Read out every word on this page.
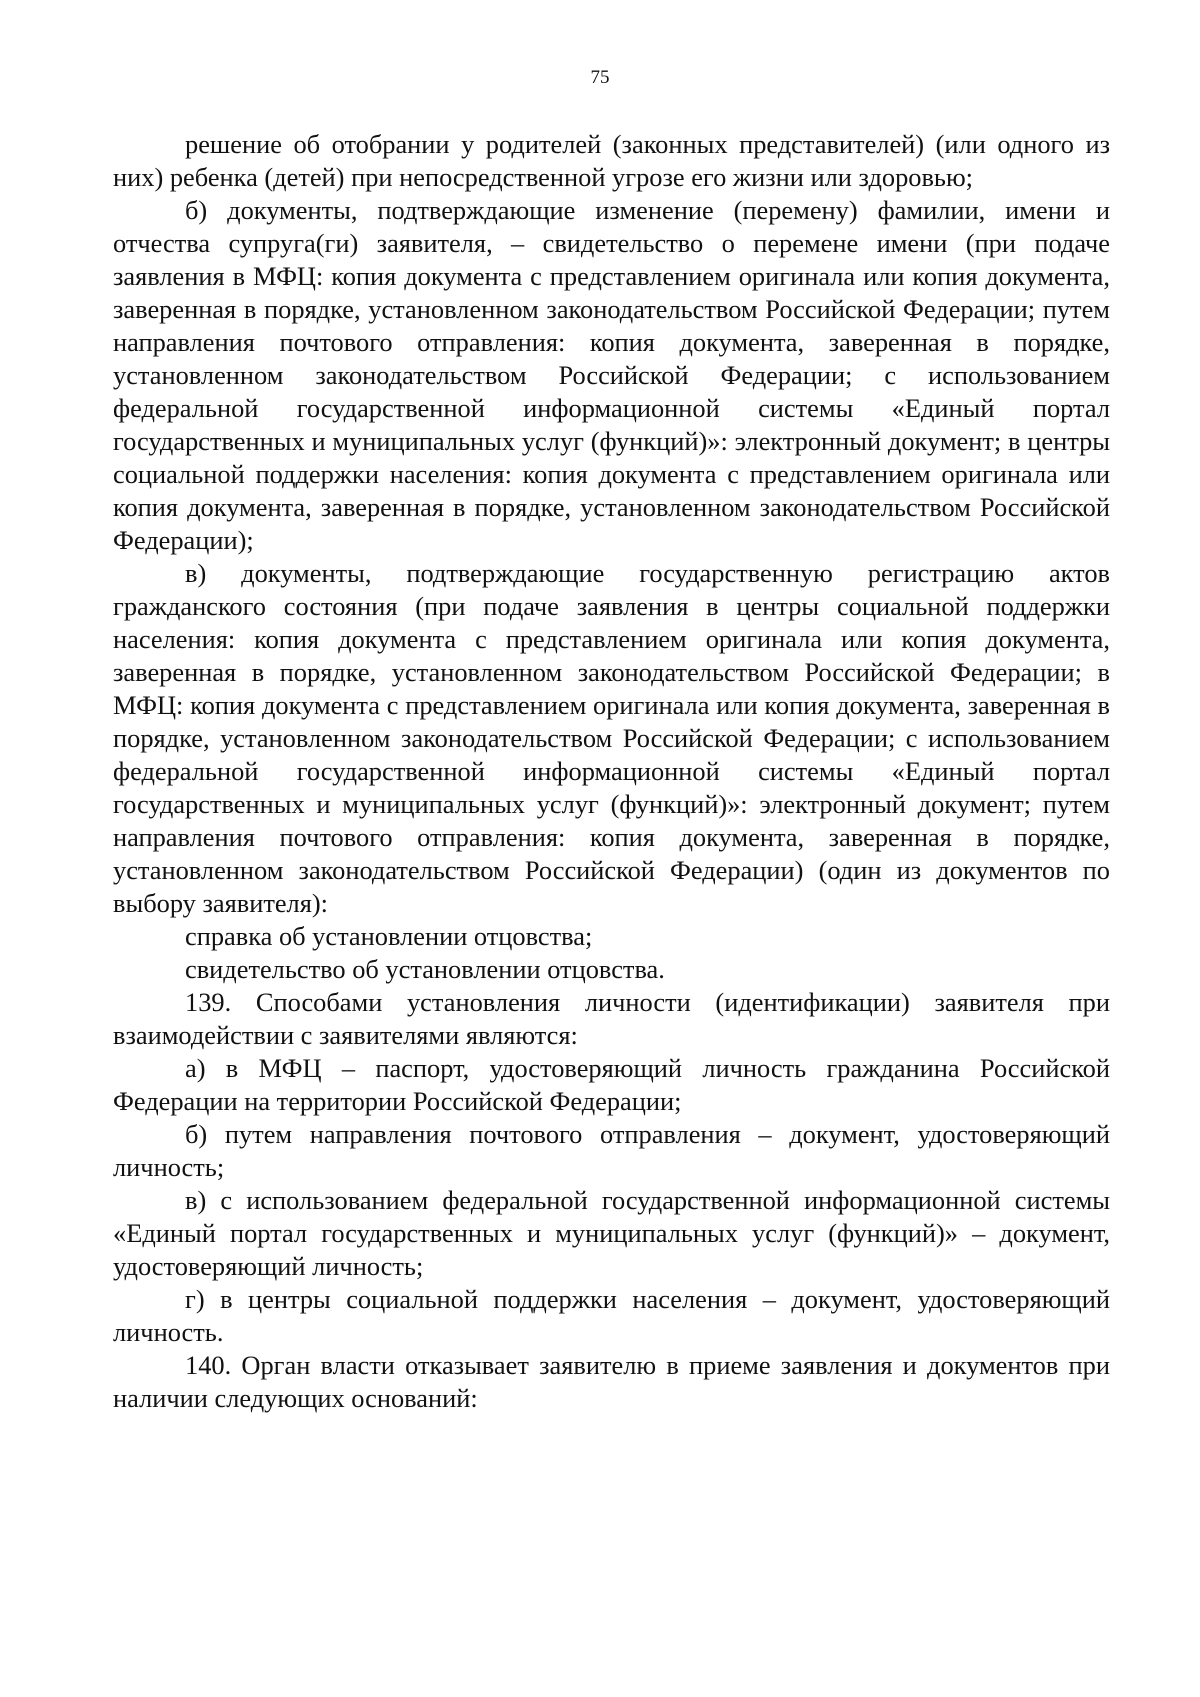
75

решение об отобрании у родителей (законных представителей) (или одного из них) ребенка (детей) при непосредственной угрозе его жизни или здоровью;

б) документы, подтверждающие изменение (перемену) фамилии, имени и отчества супруга(ги) заявителя, – свидетельство о перемене имени (при подаче заявления в МФЦ: копия документа с представлением оригинала или копия документа, заверенная в порядке, установленном законодательством Российской Федерации; путем направления почтового отправления: копия документа, заверенная в порядке, установленном законодательством Российской Федерации; с использованием федеральной государственной информационной системы «Единый портал государственных и муниципальных услуг (функций)»: электронный документ; в центры социальной поддержки населения: копия документа с представлением оригинала или копия документа, заверенная в порядке, установленном законодательством Российской Федерации);

в) документы, подтверждающие государственную регистрацию актов гражданского состояния (при подаче заявления в центры социальной поддержки населения: копия документа с представлением оригинала или копия документа, заверенная в порядке, установленном законодательством Российской Федерации; в МФЦ: копия документа с представлением оригинала или копия документа, заверенная в порядке, установленном законодательством Российской Федерации; с использованием федеральной государственной информационной системы «Единый портал государственных и муниципальных услуг (функций)»: электронный документ; путем направления почтового отправления: копия документа, заверенная в порядке, установленном законодательством Российской Федерации) (один из документов по выбору заявителя):

справка об установлении отцовства;

свидетельство об установлении отцовства.

139. Способами установления личности (идентификации) заявителя при взаимодействии с заявителями являются:

а) в МФЦ – паспорт, удостоверяющий личность гражданина Российской Федерации на территории Российской Федерации;

б) путем направления почтового отправления – документ, удостоверяющий личность;

в) с использованием федеральной государственной информационной системы «Единый портал государственных и муниципальных услуг (функций)» – документ, удостоверяющий личность;

г) в центры социальной поддержки населения – документ, удостоверяющий личность.

140. Орган власти отказывает заявителю в приеме заявления и документов при наличии следующих оснований:
